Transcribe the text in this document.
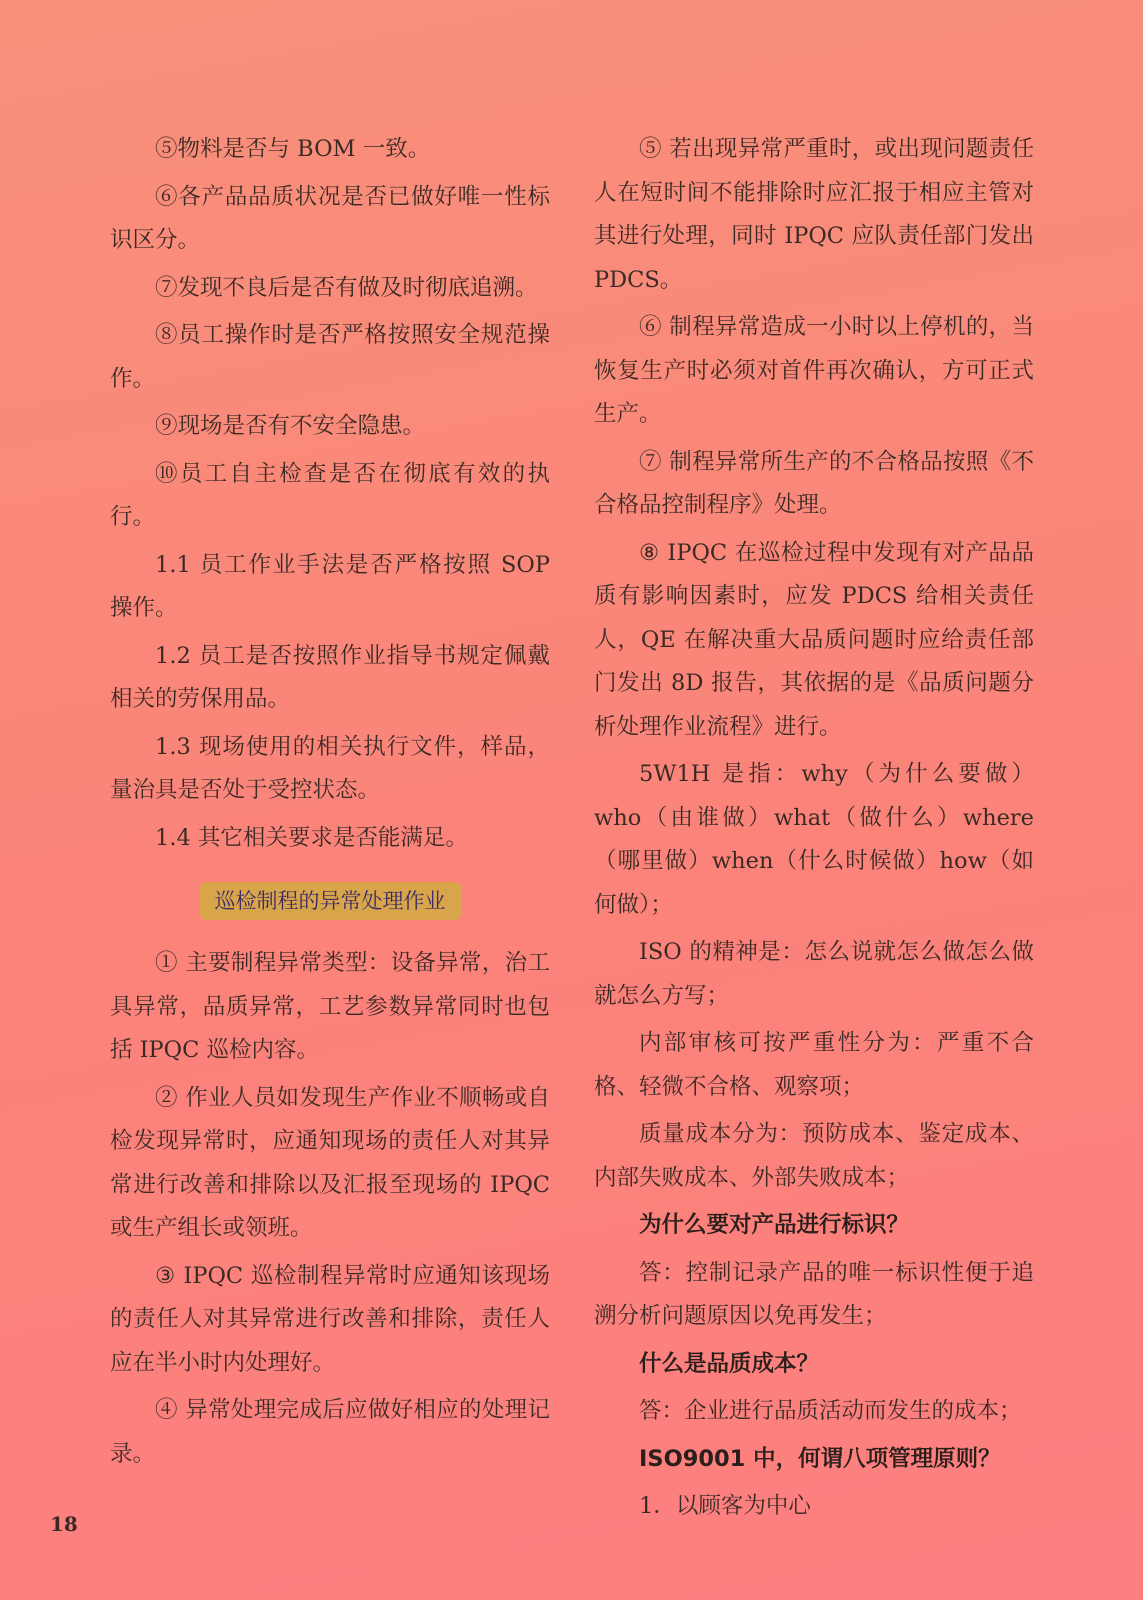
⑤物料是否与 BOM 一致。

⑥各产品品质状况是否已做好唯一性标识区分。

⑦发现不良后是否有做及时彻底追溯。

⑧员工操作时是否严格按照安全规范操作。

⑨现场是否有不安全隐患。

⑩员工自主检查是否在彻底有效的执行。

1.1 员工作业手法是否严格按照 SOP 操作。

1.2 员工是否按照作业指导书规定佩戴相关的劳保用品。

1.3 现场使用的相关执行文件，样品，量治具是否处于受控状态。

1.4 其它相关要求是否能满足。

巡检制程的异常处理作业

① 主要制程异常类型：设备异常，治工具异常，品质异常，工艺参数异常同时也包括 IPQC 巡检内容。

② 作业人员如发现生产作业不顺畅或自检发现异常时，应通知现场的责任人对其异常进行改善和排除以及汇报至现场的 IPQC 或生产组长或领班。

③ IPQC 巡检制程异常时应通知该现场的责任人对其异常进行改善和排除，责任人应在半小时内处理好。

④ 异常处理完成后应做好相应的处理记录。

⑤ 若出现异常严重时，或出现问题责任人在短时间不能排除时应汇报于相应主管对其进行处理，同时 IPQC 应队责任部门发出 PDCS。

⑥ 制程异常造成一小时以上停机的，当恢复生产时必须对首件再次确认，方可正式生产。

⑦ 制程异常所生产的不合格品按照《不合格品控制程序》处理。

⑧ IPQC 在巡检过程中发现有对产品品质有影响因素时，应发 PDCS 给相关责任人，QE 在解决重大品质问题时应给责任部门发出 8D 报告，其依据的是《品质问题分析处理作业流程》进行。

5W1H 是指：why（为什么要做）who（由谁做）what（做什么）where（哪里做）when（什么时候做）how（如何做）；

ISO 的精神是：怎么说就怎么做怎么做就怎么方写；

内部审核可按严重性分为：严重不合格、轻微不合格、观察项；

质量成本分为：预防成本、鉴定成本、内部失败成本、外部失败成本；

为什么要对产品进行标识？

答：控制记录产品的唯一标识性便于追溯分析问题原因以免再发生；

什么是品质成本？

答：企业进行品质活动而发生的成本；

ISO9001 中，何谓八项管理原则？

1．以顾客为中心

18
